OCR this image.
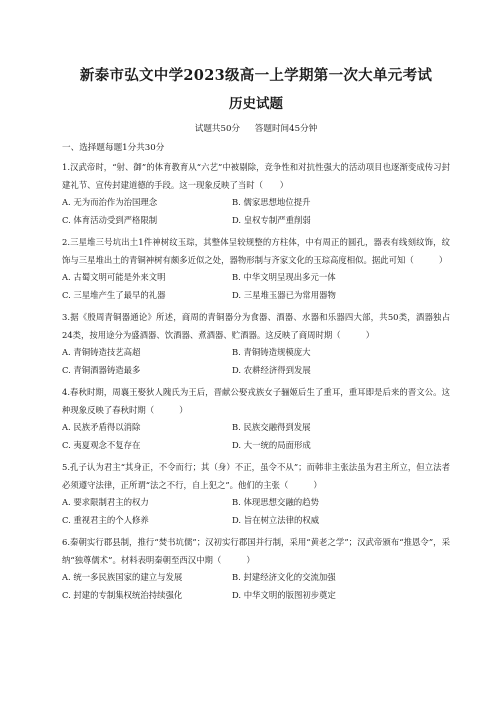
新泰市弘文中学2023级高一上学期第一次大单元考试
历史试题
试题共50分 答题时间45分钟
一、选择题每题1分共30分
1.汉武帝时，“射、御”的体育教育从“六艺”中被剔除，竞争性和对抗性强大的活动项目也逐渐变成传习封建礼节、宣传封建道德的手段。这一现象反映了当时（　　）
A. 无为而治作为治国理念	B. 儒家思想地位提升
C. 体育活动受到严格限制	D. 皇权专制严重削弱
2.三星堆三号坑出土1件神树纹玉琮，其整体呈较规整的方柱体，中有周正的圆孔，器表有线刻纹饰，纹饰与三星堆出土的青铜神树有颇多近似之处，器物形制与齐家文化的玉琮高度相似。据此可知（　　　）
A. 古蜀文明可能是外来文明	B. 中华文明呈现出多元一体
C. 三星堆产生了最早的礼器	D. 三星堆玉器已为常用器物
3.据《殷周青铜器通论》所述，商周的青铜器分为食器、酒器、水器和乐器四大部，共50类，酒器独占24类，按用途分为盛酒器、饮酒器、煮酒器、贮酒器。这反映了商周时期（　　　）
A. 青铜铸造技艺高超	B. 青铜铸造规模庞大
C. 青铜酒器铸造最多	D. 农耕经济得到发展
4.春秋时期，周襄王娶狄人隗氏为王后，晋献公娶戎族女子骊姬后生了重耳，重耳即是后来的晋文公。这种现象反映了春秋时期（　　　）
A. 民族矛盾得以消除	B. 民族交融得到发展
C. 夷夏观念不复存在	D. 大一统的局面形成
5.孔子认为君主“其身正，不令而行；其（身）不正，虽令不从”；而韩非主张法虽为君主所立，但立法者必须遵守法律，正所谓“法之不行，自上犯之”。他们的主张（　　　）
A. 要求限制君主的权力	B. 体现思想交融的趋势
C. 重视君主的个人修养	D. 旨在树立法律的权威
6.秦朝实行郡县制，推行“焚书坑儒”；汉初实行郡国并行制，采用“黄老之学”；汉武帝颁布“推恩令”，采纳“独尊儒术”。材料表明秦朝至西汉中期（　　　）
A. 统一多民族国家的建立与发展	B. 封建经济文化的交流加强
C. 封建的专制集权统治持续强化	D. 中华文明的版图初步奠定
